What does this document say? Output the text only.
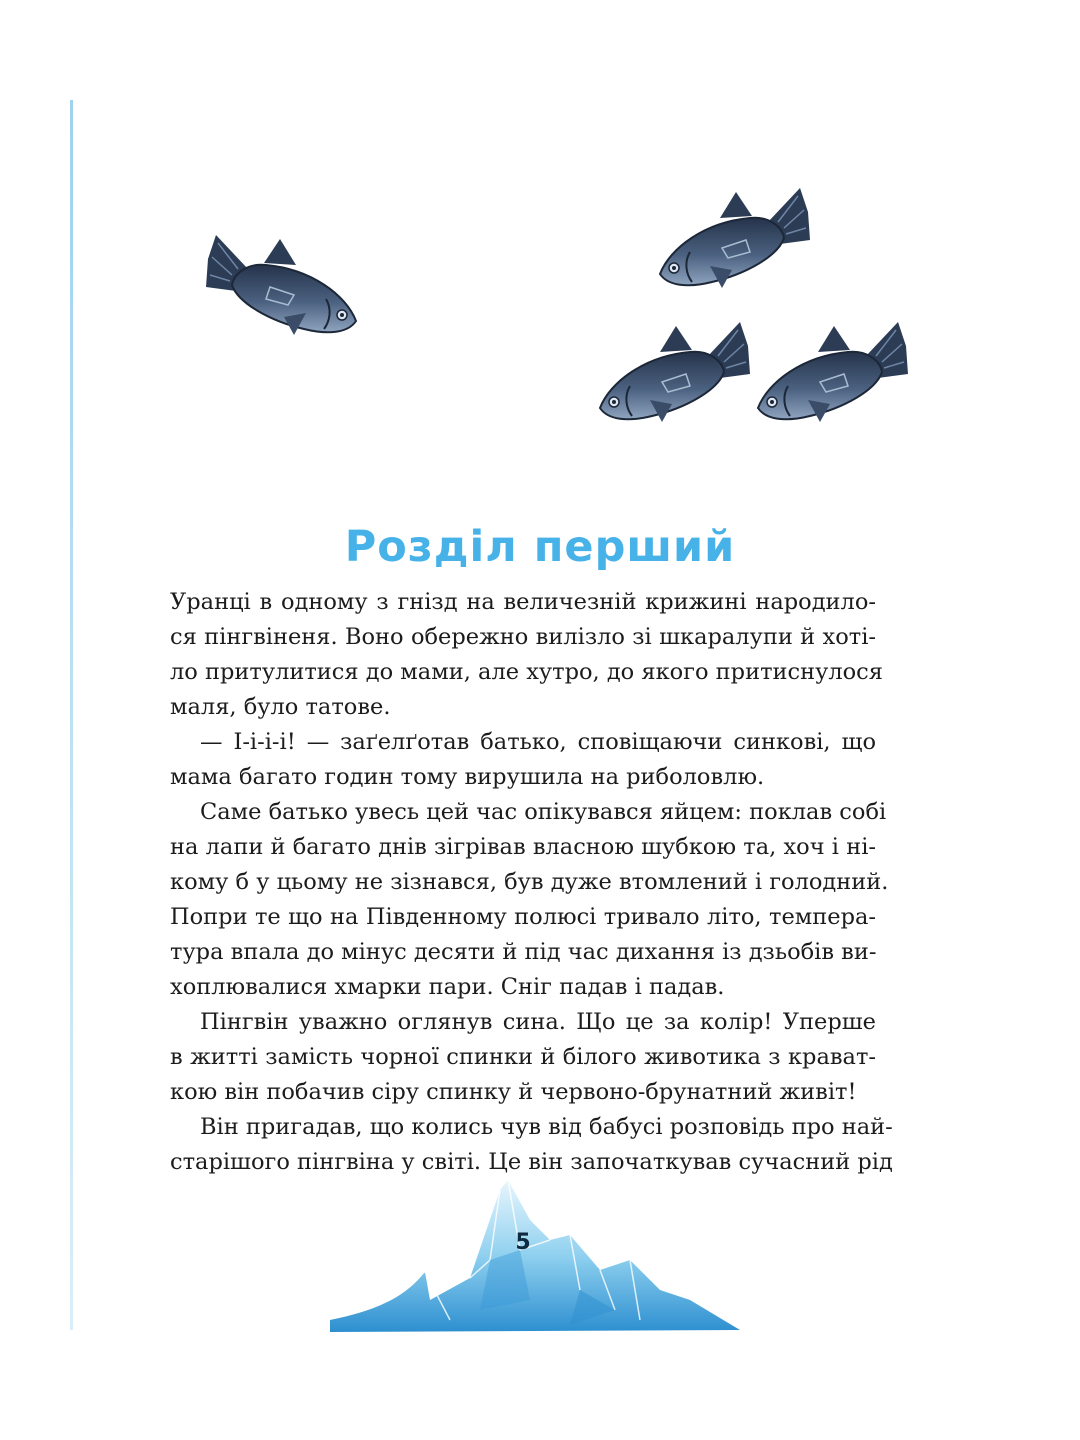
Розділ перший
Уранці в одному з гнізд на величезній крижині народило-
ся пінгвіненя. Воно обережно вилізло зі шкаралупи й хоті-
ло притулитися до мами, але хутро, до якого притиснулося
маля, було татове.
— І-і-і-і! — заґелґотав батько, сповіщаючи синкові, що
мама багато годин тому вирушила на риболовлю.
Саме батько увесь цей час опікувався яйцем: поклав собі
на лапи й багато днів зігрівав власною шубкою та, хоч і ні-
кому б у цьому не зізнався, був дуже втомлений і голодний.
Попри те що на Південному полюсі тривало літо, темпера-
тура впала до мінус десяти й під час дихання із дзьобів ви-
хоплювалися хмарки пари. Сніг падав і падав.
Пінгвін уважно оглянув сина. Що це за колір! Уперше
в житті замість чорної спинки й білого животика з крават-
кою він побачив сіру спинку й червоно-брунатний живіт!
Він пригадав, що колись чув від бабусі розповідь про най-
старішого пінгвіна у світі. Це він започаткував сучасний рід
5
